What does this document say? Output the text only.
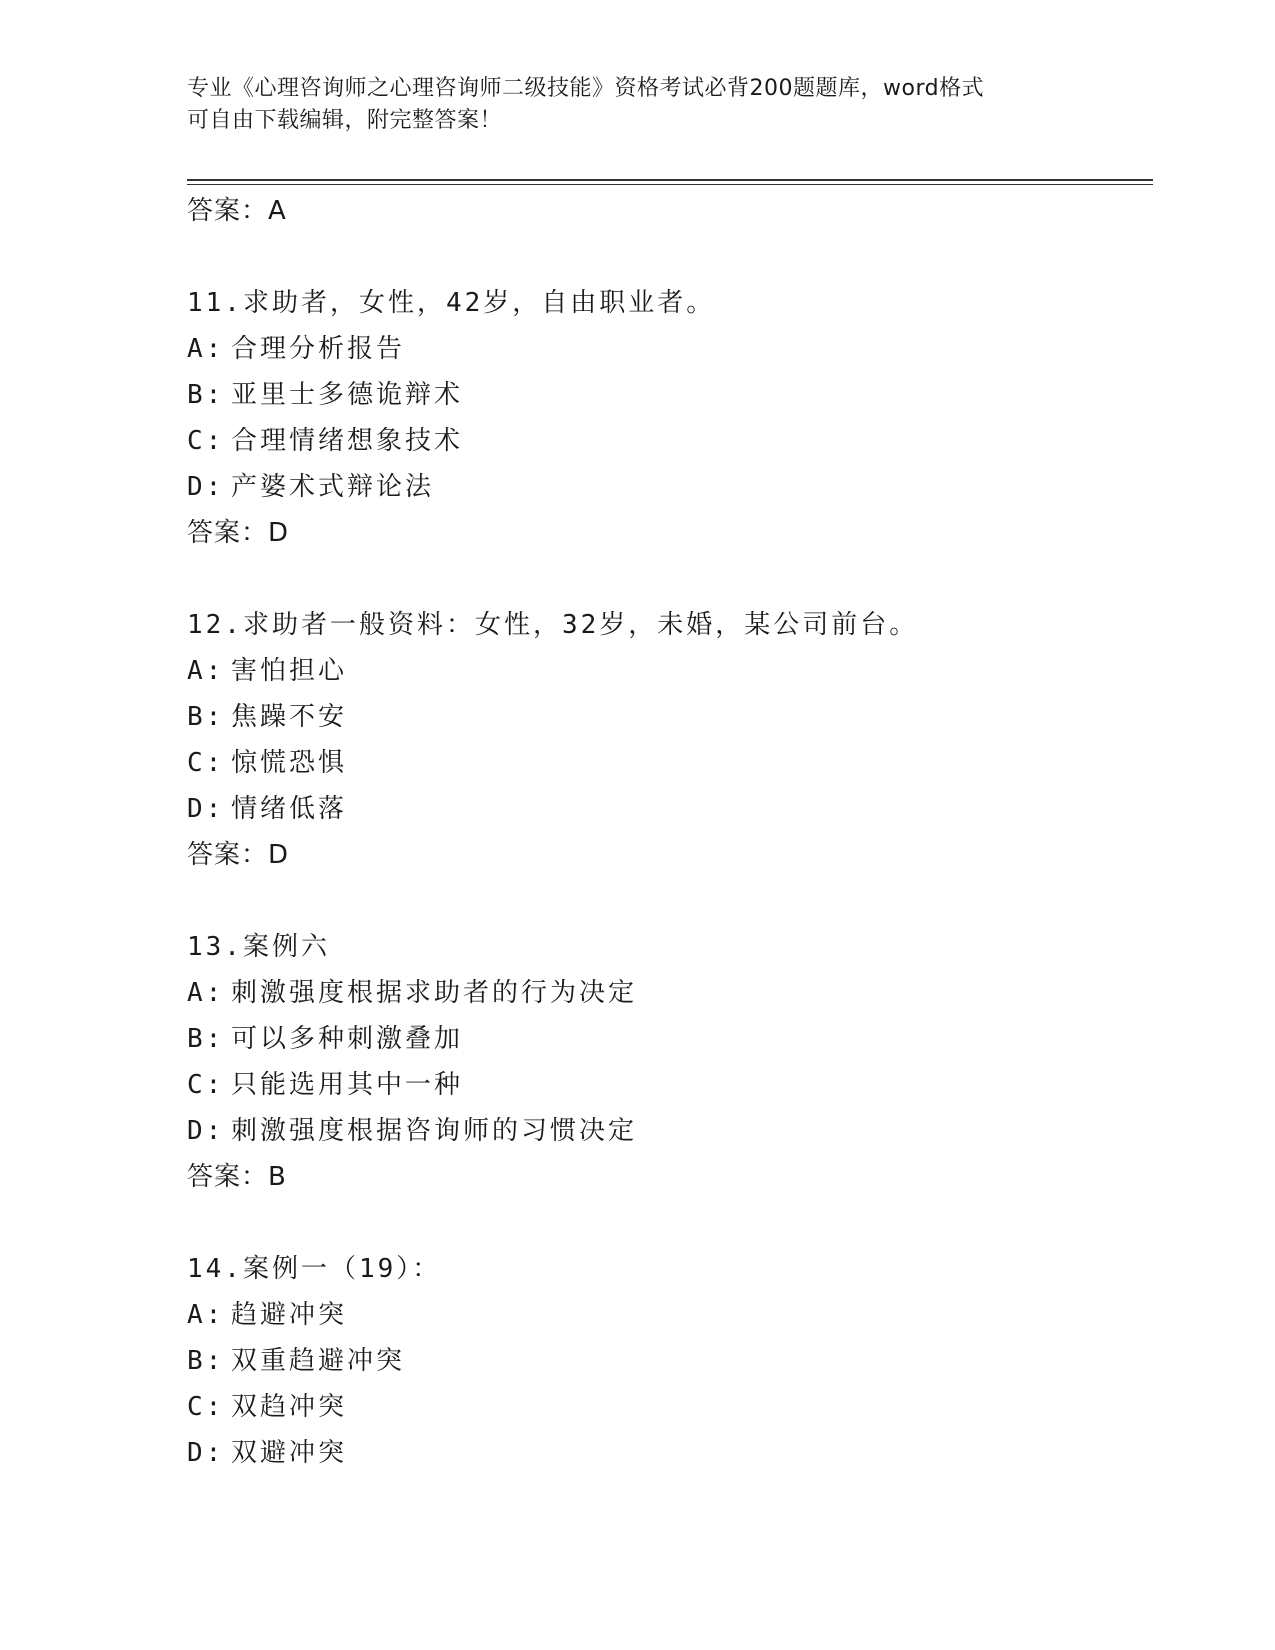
专业《心理咨询师之心理咨询师二级技能》资格考试必背200题题库，word格式
可自由下载编辑，附完整答案！
答案：A
11.求助者，女性，42岁，自由职业者。
A: 合理分析报告
B: 亚里士多德诡辩术
C: 合理情绪想象技术
D: 产婆术式辩论法
答案：D
12.求助者一般资料：女性，32岁，未婚，某公司前台。
A: 害怕担心
B: 焦躁不安
C: 惊慌恐惧
D: 情绪低落
答案：D
13.案例六
A: 刺激强度根据求助者的行为决定
B: 可以多种刺激叠加
C: 只能选用其中一种
D: 刺激强度根据咨询师的习惯决定
答案：B
14.案例一（19）：
A: 趋避冲突
B: 双重趋避冲突
C: 双趋冲突
D: 双避冲突
